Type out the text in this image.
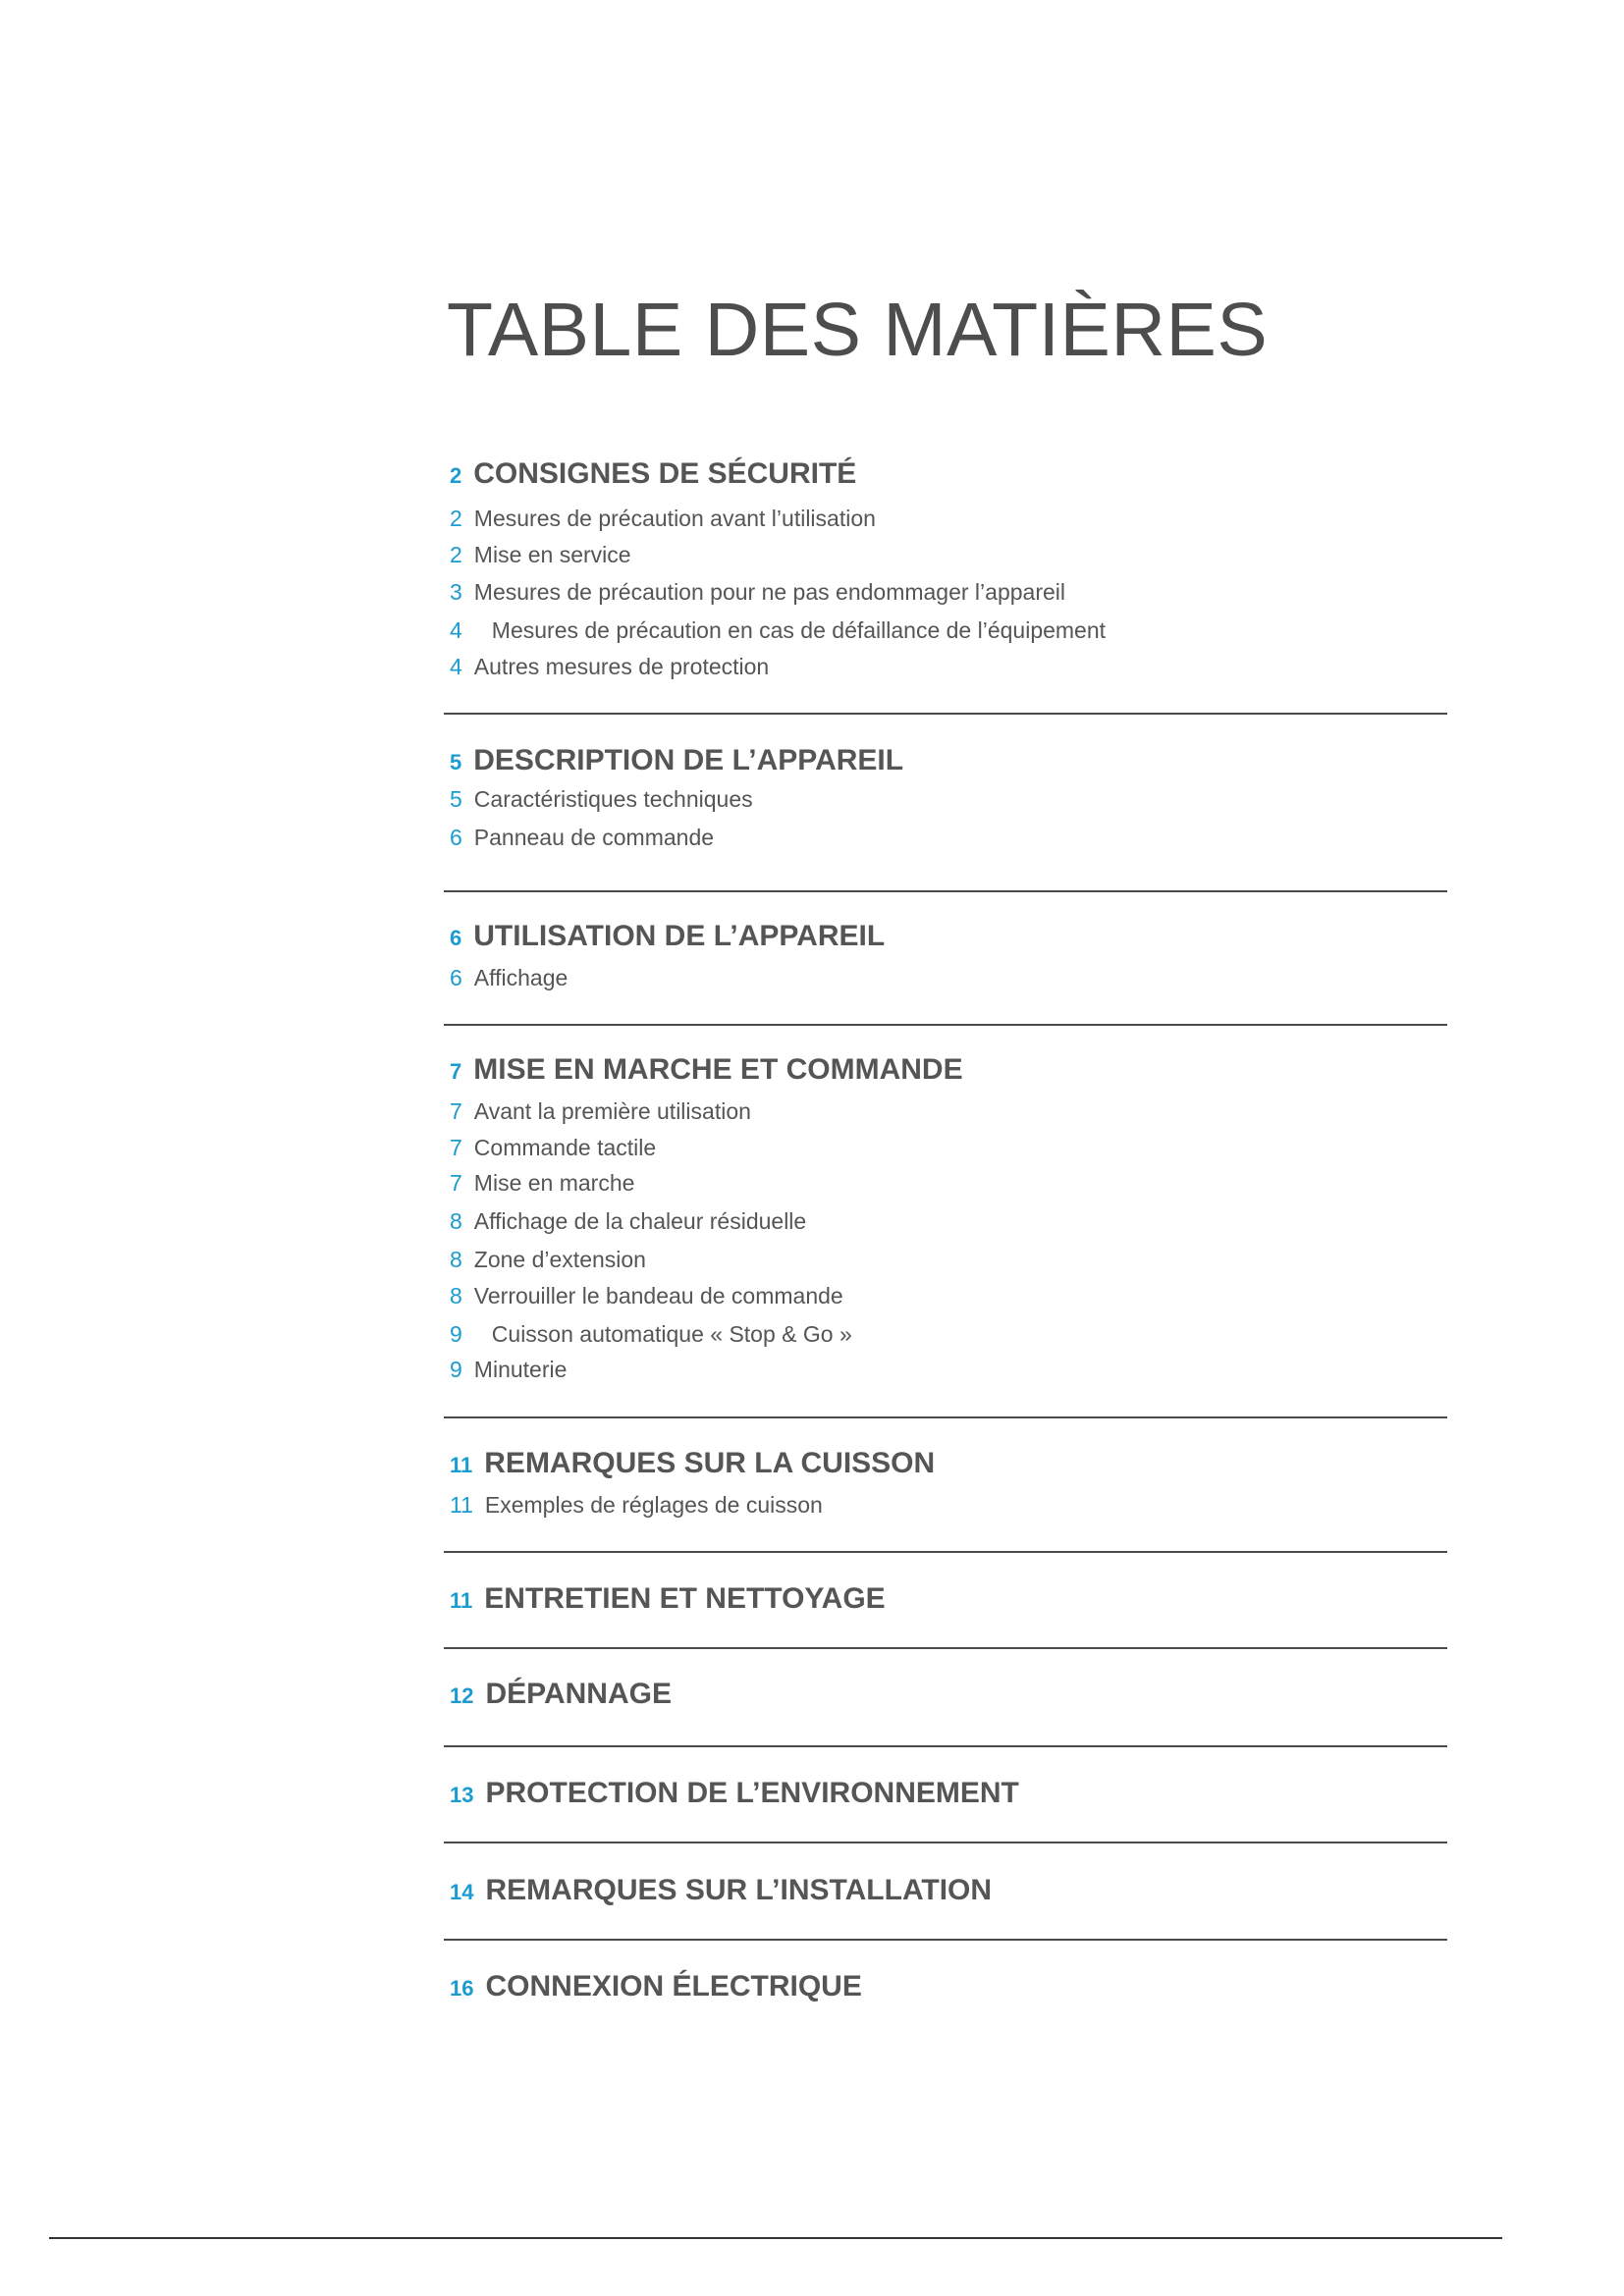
TABLE DES MATIÈRES
2 CONSIGNES DE SÉCURITÉ
2 Mesures de précaution avant l’utilisation
2 Mise en service
3 Mesures de précaution pour ne pas endommager l’appareil
4 Mesures de précaution en cas de défaillance de l’équipement
4 Autres mesures de protection
5 DESCRIPTION DE L’APPAREIL
5 Caractéristiques techniques
6 Panneau de commande
6 UTILISATION DE L’APPAREIL
6 Affichage
7 MISE EN MARCHE ET COMMANDE
7 Avant la première utilisation
7 Commande tactile
7 Mise en marche
8 Affichage de la chaleur résiduelle
8 Zone d’extension
8 Verrouiller le bandeau de commande
9 Cuisson automatique « Stop & Go »
9 Minuterie
11 REMARQUES SUR LA CUISSON
11 Exemples de réglages de cuisson
11 ENTRETIEN ET NETTOYAGE
12 DÉPANNAGE
13 PROTECTION DE L’ENVIRONNEMENT
14 REMARQUES SUR L’INSTALLATION
16 CONNEXION ÉLECTRIQUE
